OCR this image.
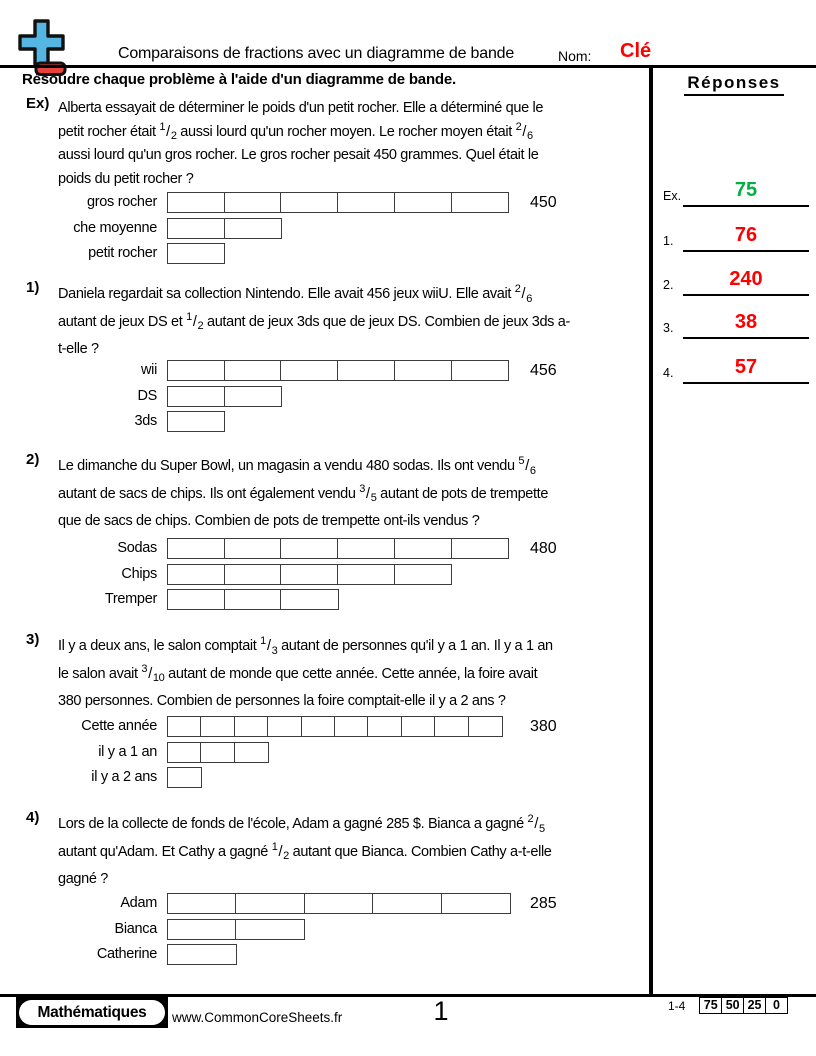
Comparaisons de fractions avec un diagramme de bande	Nom: Clé
Résoudre chaque problème à l'aide d'un diagramme de bande.	Réponses
Ex.	75
1.	76
2.	240
3.	38
4.	57
Mathématiques	www.CommonCoreSheets.fr	1	1-4	75 50 25 0
Ex) Alberta essayait de déterminer le poids d'un petit rocher. Elle a déterminé que le
petit rocher était $^1/_2$ aussi lourd qu'un rocher moyen. Le rocher moyen était $^2/_6$
aussi lourd qu'un gros rocher. Le gros rocher pesait 450 grammes. Quel était le
poids du petit rocher ?
gros rocher	450
che moyenne
petit rocher
1) Daniela regardait sa collection Nintendo. Elle avait 456 jeux wiiU. Elle avait $^2/_6$
autant de jeux DS et $^1/_2$ autant de jeux 3ds que de jeux DS. Combien de jeux 3ds a-
t-elle ?
wii	456
DS
3ds
2) Le dimanche du Super Bowl, un magasin a vendu 480 sodas. Ils ont vendu $^5/_6$
autant de sacs de chips. Ils ont également vendu $^3/_5$ autant de pots de trempette
que de sacs de chips. Combien de pots de trempette ont-ils vendus ?
Sodas	480
Chips
Tremper
3) Il y a deux ans, le salon comptait $^1/_3$ autant de personnes qu'il y a 1 an. Il y a 1 an
le salon avait $^3/_{10}$ autant de monde que cette année. Cette année, la foire avait
380 personnes. Combien de personnes la foire comptait-elle il y a 2 ans ?
Cette année	380
il y a 1 an
il y a 2 ans
4) Lors de la collecte de fonds de l'école, Adam a gagné 285 $. Bianca a gagné $^2/_5$
autant qu'Adam. Et Cathy a gagné $^1/_2$ autant que Bianca. Combien Cathy a-t-elle
gagné ?
Adam	285
Bianca
Catherine
